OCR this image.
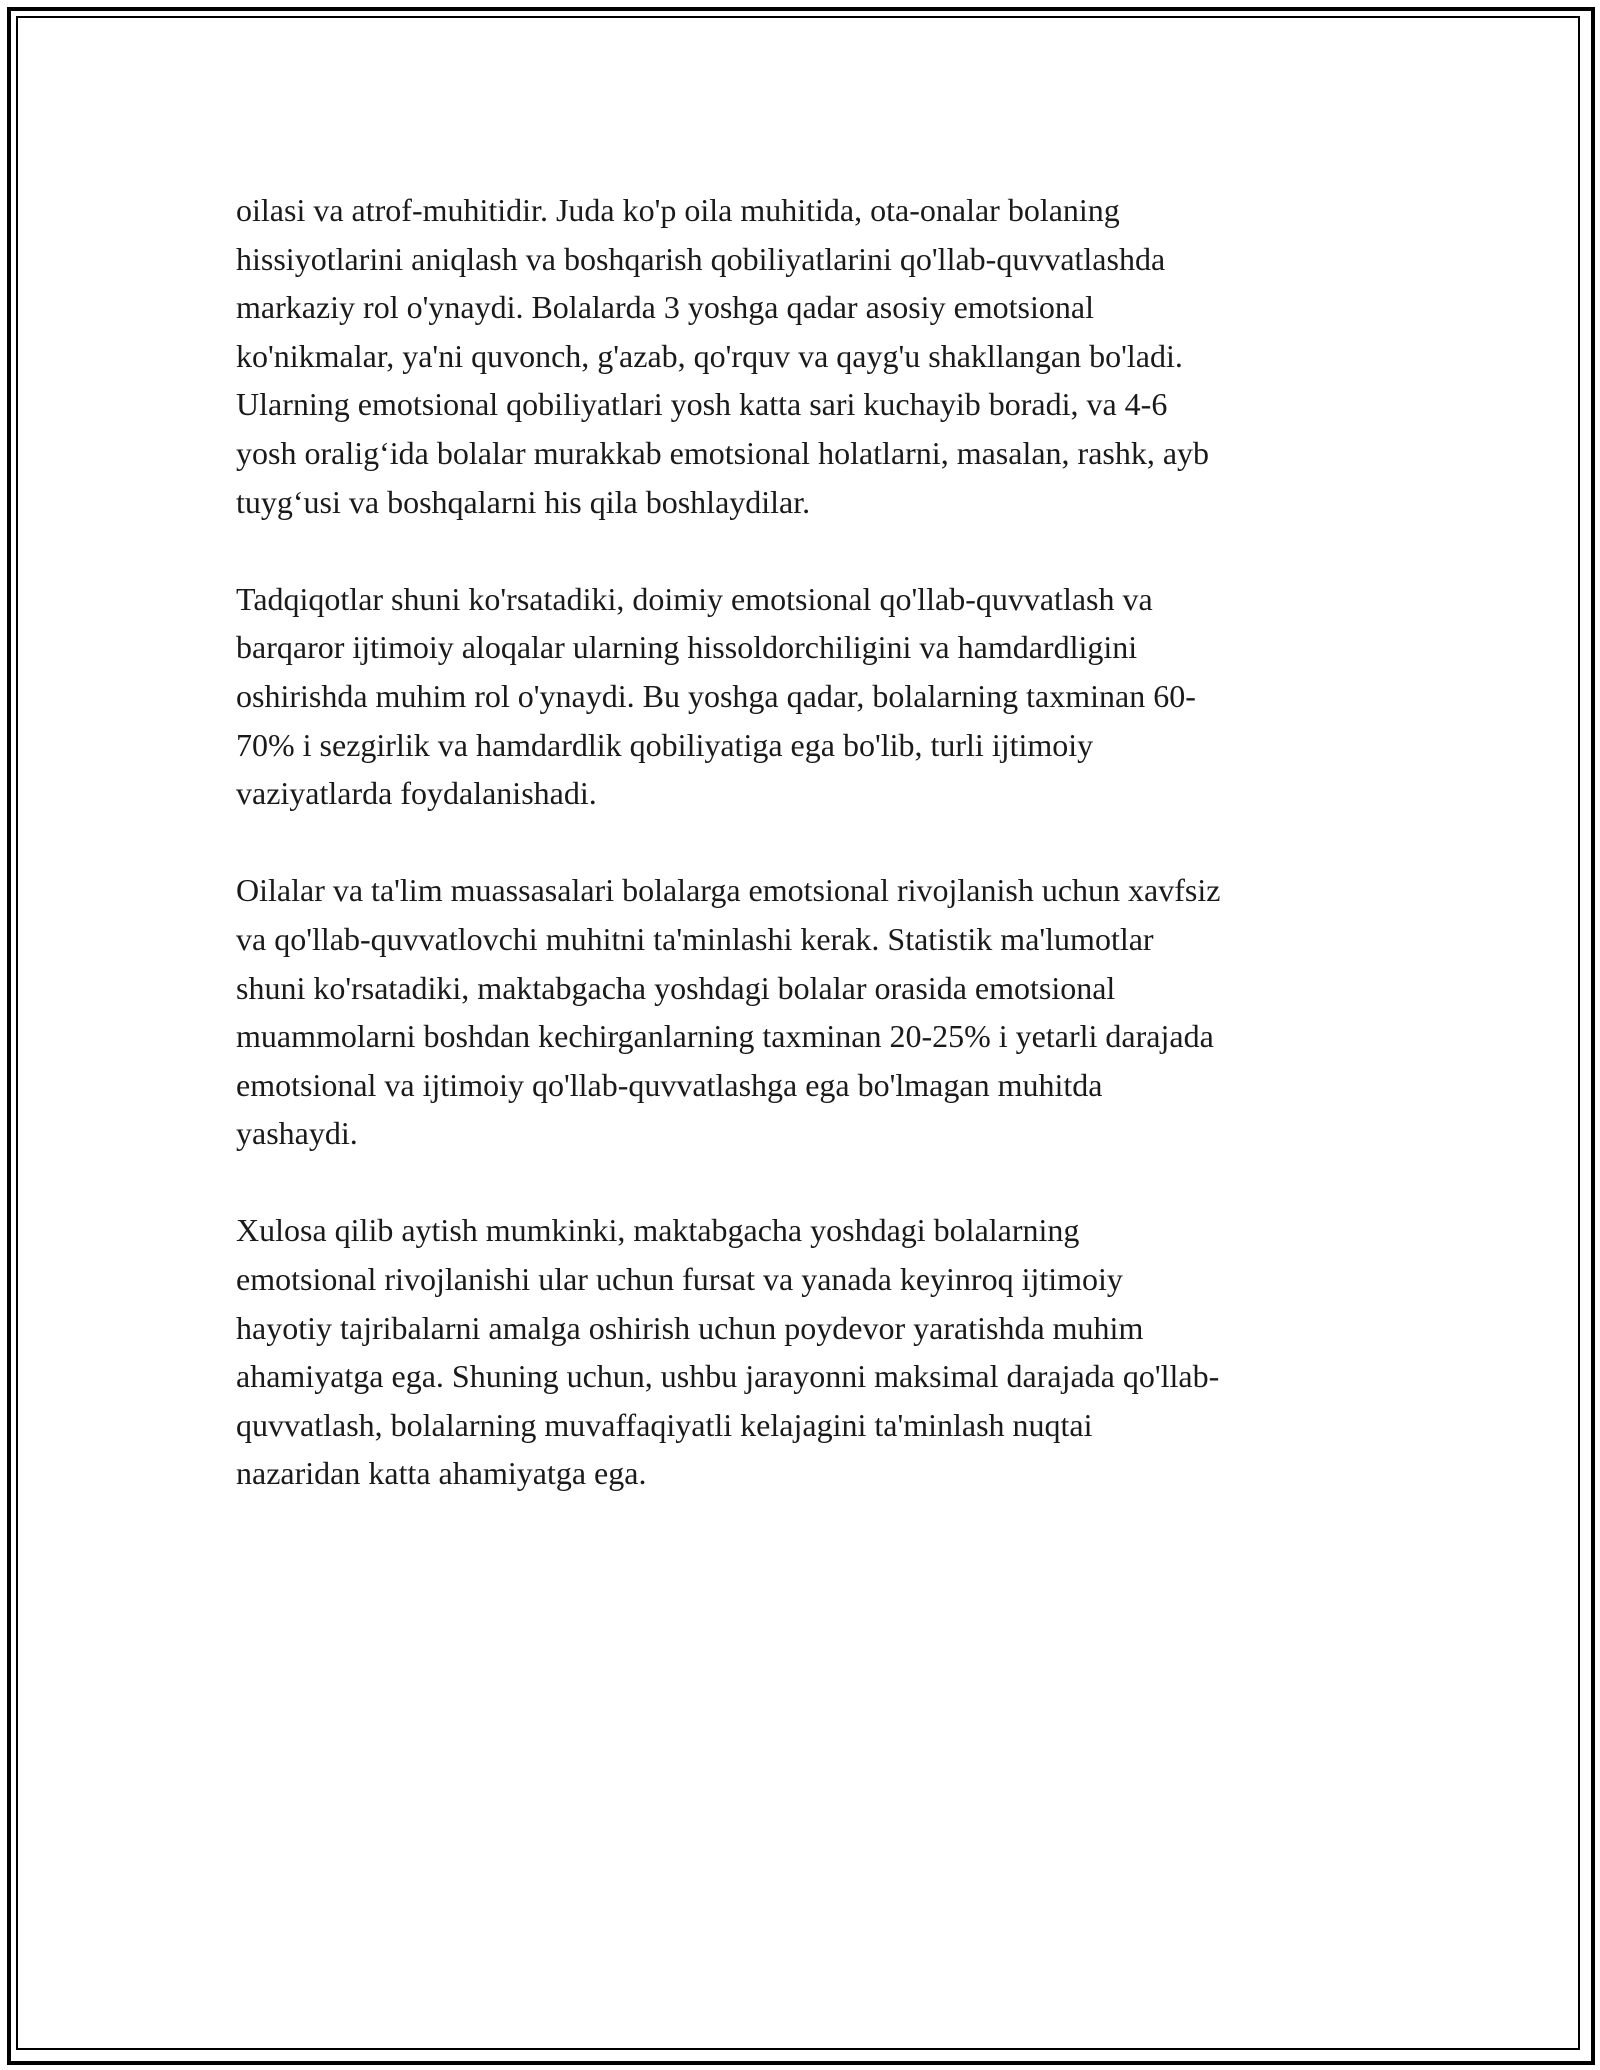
oilasi va atrof-muhitidir. Juda ko'p oila muhitida, ota-onalar bolaning
hissiyotlarini aniqlash va boshqarish qobiliyatlarini qo'llab-quvvatlashda
markaziy rol o'ynaydi. Bolalarda 3 yoshga qadar asosiy emotsional
ko'nikmalar, ya'ni quvonch, g'azab, qo'rquv va qayg'u shakllangan bo'ladi.
Ularning emotsional qobiliyatlari yosh katta sari kuchayib boradi, va 4-6
yosh oralig‘ida bolalar murakkab emotsional holatlarni, masalan, rashk, ayb
tuyg‘usi va boshqalarni his qila boshlaydilar.

Tadqiqotlar shuni ko'rsatadiki, doimiy emotsional qo'llab-quvvatlash va
barqaror ijtimoiy aloqalar ularning hissoldorchiligini va hamdardligini
oshirishda muhim rol o'ynaydi. Bu yoshga qadar, bolalarning taxminan 60-
70% i sezgirlik va hamdardlik qobiliyatiga ega bo'lib, turli ijtimoiy
vaziyatlarda foydalanishadi.

Oilalar va ta'lim muassasalari bolalarga emotsional rivojlanish uchun xavfsiz
va qo'llab-quvvatlovchi muhitni ta'minlashi kerak. Statistik ma'lumotlar
shuni ko'rsatadiki, maktabgacha yoshdagi bolalar orasida emotsional
muammolarni boshdan kechirganlarning taxminan 20-25% i yetarli darajada
emotsional va ijtimoiy qo'llab-quvvatlashga ega bo'lmagan muhitda
yashaydi.

Xulosa qilib aytish mumkinki, maktabgacha yoshdagi bolalarning
emotsional rivojlanishi ular uchun fursat va yanada keyinroq ijtimoiy
hayotiy tajribalarni amalga oshirish uchun poydevor yaratishda muhim
ahamiyatga ega. Shuning uchun, ushbu jarayonni maksimal darajada qo'llab-
quvvatlash, bolalarning muvaffaqiyatli kelajagini ta'minlash nuqtai
nazaridan katta ahamiyatga ega.
